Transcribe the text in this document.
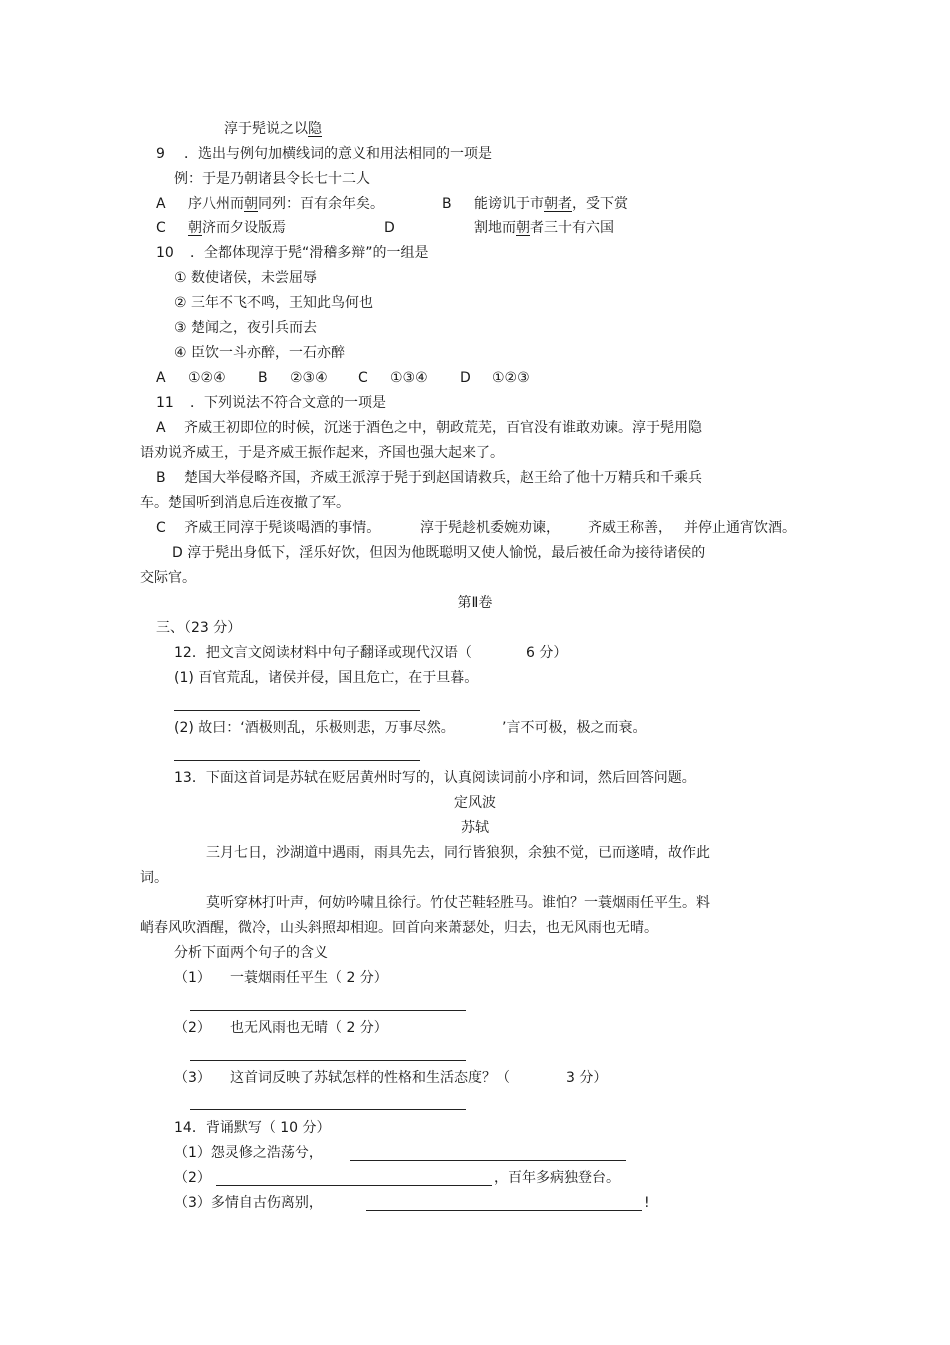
淳于髡说之以隐
9 ．选出与例句加横线词的意义和用法相同的一项是
例：于是乃朝诸县令长七十二人
A 序八州而朝同列：百有余年矣。	B 能谤讥于市朝者，受下赏
C 朝济而夕设版焉	D	割地而朝者三十有六国
10 ．全都体现淳于髡“滑稽多辩”的一组是
① 数使诸侯，未尝屈辱
② 三年不飞不鸣，王知此鸟何也
③ 楚闻之，夜引兵而去
④ 臣饮一斗亦醉，一石亦醉
A ①②④ B ②③④ C ①③④ D ①②③
11 ．下列说法不符合文意的一项是
A　 齐威王初即位的时候，沉迷于酒色之中，朝政荒芜，百官没有谁敢劝谏。淳于髡用隐
语劝说齐威王，于是齐威王振作起来，齐国也强大起来了。
B　 楚国大举侵略齐国，齐威王派淳于髡于到赵国请救兵，赵王给了他十万精兵和千乘兵
车。楚国听到消息后连夜撤了军。
C　 齐威王同淳于髡谈喝酒的事情。	淳于髡趁机委婉劝谏， 齐威王称善， 并停止通宵饮酒。
D 淳于髡出身低下，淫乐好饮，但因为他既聪明又使人愉悦，最后被任命为接待诸侯的
交际官。
第Ⅱ卷
三、（23 分）
12．把文言文阅读材料中句子翻译或现代汉语（	6 分）
(1) 百官荒乱，诸侯并侵，国且危亡，在于旦暮。
(2) 故曰：‘酒极则乱，乐极则悲，万事尽然。	’言不可极，极之而衰。
13．下面这首词是苏轼在贬居黄州时写的，认真阅读词前小序和词，然后回答问题。
定风波
苏轼
三月七日，沙湖道中遇雨，雨具先去，同行皆狼狈，余独不觉，已而遂晴，故作此
词。
莫听穿林打叶声，何妨吟啸且徐行。竹仗芒鞋轻胜马。谁怕？一蓑烟雨任平生。料
峭春风吹酒醒，微冷，山头斜照却相迎。回首向来萧瑟处，归去，也无风雨也无晴。
分析下面两个句子的含义
（1） 一蓑烟雨任平生（ 2 分）
（2） 也无风雨也无晴（ 2 分）
（3） 这首词反映了苏轼怎样的性格和生活态度？（	3 分）
14．背诵默写（ 10 分）
（1）怨灵修之浩荡兮，
（2）	，百年多病独登台。
（3）多情自古伤离别，	!
